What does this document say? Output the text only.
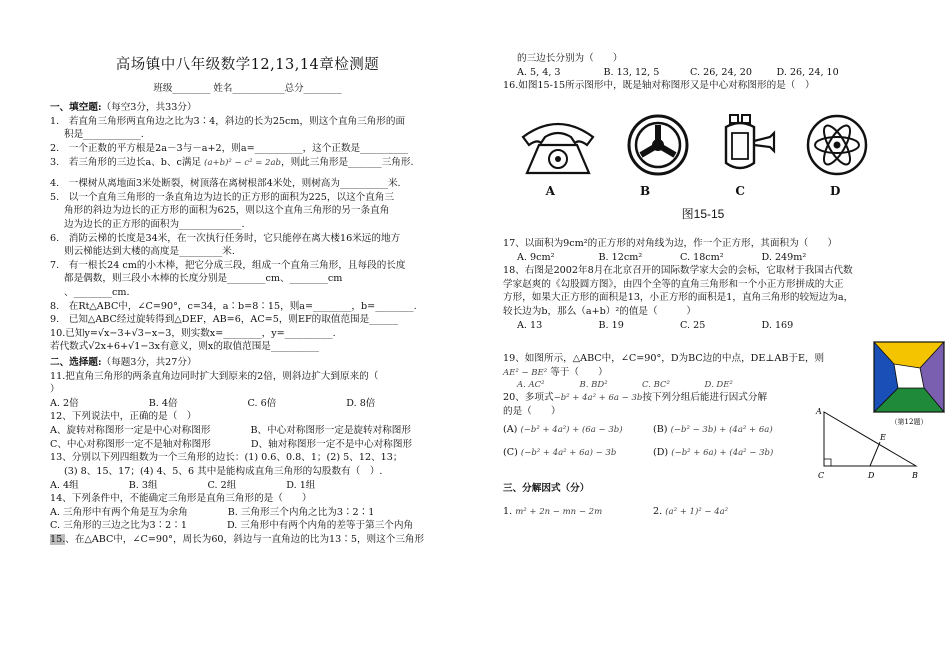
高场镇中八年级数学12,13,14章检测题
班级________ 姓名___________总分________
一、填空题:（每空3分，共33分）

1.　若直角三角形两直角边之比为3∶4，斜边的长为25cm，则这个直角三角形的面
积是____________.

2.　一个正数的平方根是2a－3与－a+2，则a=__________，这个正数是__________

3.　若三角形的三边长a、b、c满足 (a+b)² − c² = 2ab，则此三角形是_______三角形.

4.　一棵树从离地面3米处断裂，树顶落在离树根部4米处，则树高为__________米.

5.　以一个直角三角形的一条直角边为边长的正方形的面积为225，以这个直角三
角形的斜边为边长的正方形的面积为625，则以这个直角三角形的另一条直角
边为边长的正方形的面积为_____________.

6.　消防云梯的长度是34米，在一次执行任务时，它只能停在离大楼16米远的地方
则云梯能达到大楼的高度是_________米.

7.　有一根长24 cm的小木棒，把它分成三段，组成一个直角三角形，且每段的长度
都是偶数，则三段小木棒的长度分别是________cm、________cm
、________cm.

8.　在Rt△ABC中，∠C=90°，c=34，a∶b=8∶15，则a=________，b=________.

9.　已知△ABC经过旋转得到△DEF，AB=6，AC=5，则EF的取值范围是______

10.已知y=√x−3+√3−x−3，则实数x=________，y=__________.

若代数式√2x+6+√1−3x有意义，则x的取值范围是__________

二、选择题:（每题3分，共27分）

11.把直角三角形的两条直角边同时扩大到原来的2倍，则斜边扩大到原来的（
）

A. 2倍	B. 4倍	C. 6倍	D. 8倍

12、下列说法中，正确的是（　）

A、旋转对称图形一定是中心对称图形	B、中心对称图形一定是旋转对称图形
C、中心对称图形一定不是轴对称图形	D、轴对称图形一定不是中心对称图形

13、分别以下列四组数为一个三角形的边长：(1) 0.6、0.8、1；(2) 5、12、13；
(3) 8、15、17；(4) 4、5、6 其中是能构成直角三角形的勾股数有（　）.

A. 4组	B. 3组	C. 2组	D. 1组

14、下列条件中，不能确定三角形是直角三角形的是（　　）

A. 三角形中有两个角是互为余角	B. 三角形三个内角之比为3∶2∶1
C. 三角形的三边之比为3∶2∶1	D. 三角形中有两个内角的差等于第三个内角

15.、在△ABC中，∠C=90°，周长为60，斜边与一直角边的比为13∶5，则这个三角形

的三边长分别为（　　）

A. 5, 4, 3	B. 13, 12, 5	C. 26, 24, 20	D. 26, 24, 10

16.如图15-15所示图形中，既是轴对称图形又是中心对称图形的是（　）

A	B	C	D
图15-15

17、以面积为9cm²的正方形的对角线为边，作一个正方形，其面积为（　　）

A. 9cm²	B. 12cm²	C. 18cm²	D. 249m²

18、右图是2002年8月在北京召开的国际数学家大会的会标，它取材于我国古代数
学家赵爽的《勾股圆方图》，由四个全等的直角三角形和一个小正方形拼成的大正
方形，如果大正方形的面积是13，小正方形的面积是1，直角三角形的较短边为a，
较长边为b，那么（a+b）²的值是（　　　）

A. 13	B. 19	C. 25	D. 169

19、如图所示，△ABC中，∠C=90°，D为BC边的中点，DE⊥AB于E，则

AE² − BE² 等于（　　）

A. AC²	B. BD²	C. BC²	D. DE²

20、多项式−b² + 4a² + 6a − 3b按下列分组后能进行因式分解
的是（　　）

(A) (−b² + 4a²) + (6a − 3b)	(B) (−b² − 3b) + (4a² + 6a)
(C) (−b² + 4a² + 6a) − 3b	(D) (−b² + 6a) + (4a² − 3b)
三、分解因式（分）
1. m² + 2n − mn − 2m	2. (a² + 1)² − 4a²
（第12题）
A
C	D	B
E
